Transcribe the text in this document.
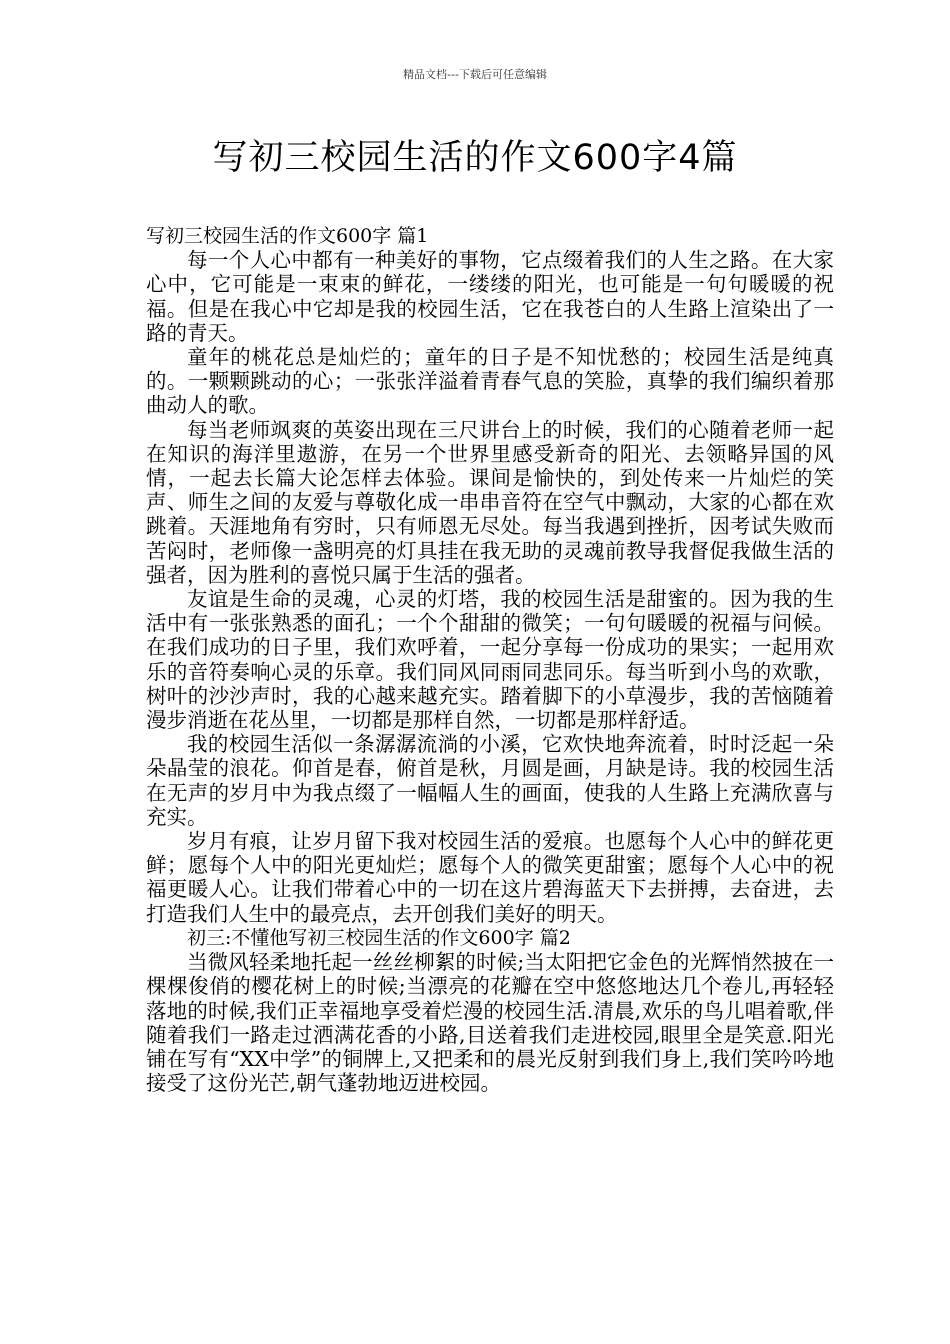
精品文档---下载后可任意编辑
写初三校园生活的作文600字4篇

写初三校园生活的作文600字 篇1

每一个人心中都有一种美好的事物，它点缀着我们的人生之路。在大家心中，它可能是一束束的鲜花，一缕缕的阳光，也可能是一句句暖暖的祝福。但是在我心中它却是我的校园生活，它在我苍白的人生路上渲染出了一路的青天。

童年的桃花总是灿烂的；童年的日子是不知忧愁的；校园生活是纯真的。一颗颗跳动的心；一张张洋溢着青春气息的笑脸，真挚的我们编织着那曲动人的歌。

每当老师飒爽的英姿出现在三尺讲台上的时候，我们的心随着老师一起在知识的海洋里遨游，在另一个世界里感受新奇的阳光、去领略异国的风情，一起去长篇大论怎样去体验。课间是愉快的，到处传来一片灿烂的笑声、师生之间的友爱与尊敬化成一串串音符在空气中飘动，大家的心都在欢跳着。天涯地角有穷时，只有师恩无尽处。每当我遇到挫折，因考试失败而苦闷时，老师像一盏明亮的灯具挂在我无助的灵魂前教导我督促我做生活的强者，因为胜利的喜悦只属于生活的强者。

友谊是生命的灵魂，心灵的灯塔，我的校园生活是甜蜜的。因为我的生活中有一张张熟悉的面孔；一个个甜甜的微笑；一句句暖暖的祝福与问候。在我们成功的日子里，我们欢呼着，一起分享每一份成功的果实；一起用欢乐的音符奏响心灵的乐章。我们同风同雨同悲同乐。每当听到小鸟的欢歌，树叶的沙沙声时，我的心越来越充实。踏着脚下的小草漫步，我的苦恼随着漫步消逝在花丛里，一切都是那样自然，一切都是那样舒适。

我的校园生活似一条潺潺流淌的小溪，它欢快地奔流着，时时泛起一朵朵晶莹的浪花。仰首是春，俯首是秋，月圆是画，月缺是诗。我的校园生活在无声的岁月中为我点缀了一幅幅人生的画面，使我的人生路上充满欣喜与充实。

岁月有痕，让岁月留下我对校园生活的爱痕。也愿每个人心中的鲜花更鲜；愿每个人中的阳光更灿烂；愿每个人的微笑更甜蜜；愿每个人心中的祝福更暖人心。让我们带着心中的一切在这片碧海蓝天下去拼搏，去奋进，去打造我们人生中的最亮点，去开创我们美好的明天。

初三:不懂他写初三校园生活的作文600字 篇2

当微风轻柔地托起一丝丝柳絮的时候;当太阳把它金色的光辉悄然披在一棵棵俊俏的樱花树上的时候;当漂亮的花瓣在空中悠悠地达几个卷儿,再轻轻落地的时候,我们正幸福地享受着烂漫的校园生活.清晨,欢乐的鸟儿唱着歌,伴随着我们一路走过洒满花香的小路,目送着我们走进校园,眼里全是笑意.阳光铺在写有“XX中学”的铜牌上,又把柔和的晨光反射到我们身上,我们笑吟吟地接受了这份光芒,朝气蓬勃地迈进校园。
